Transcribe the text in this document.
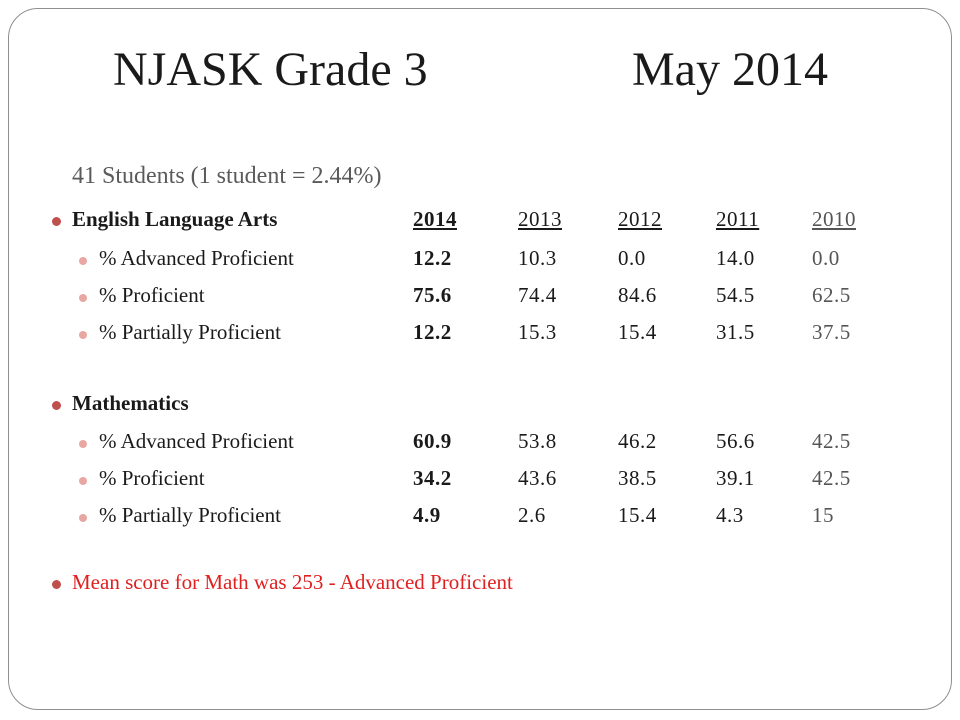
NJASK Grade 3	May 2014
41 Students (1 student = 2.44%)
English Language Arts	2014	2013	2012	2011	2010
% Advanced Proficient	12.2	10.3	0.0	14.0	0.0
% Proficient	75.6	74.4	84.6	54.5	62.5
% Partially Proficient	12.2	15.3	15.4	31.5	37.5
Mathematics
% Advanced Proficient	60.9	53.8	46.2	56.6	42.5
% Proficient	34.2	43.6	38.5	39.1	42.5
% Partially Proficient	4.9	2.6	15.4	4.3	15
Mean score for Math was 253 - Advanced Proficient
